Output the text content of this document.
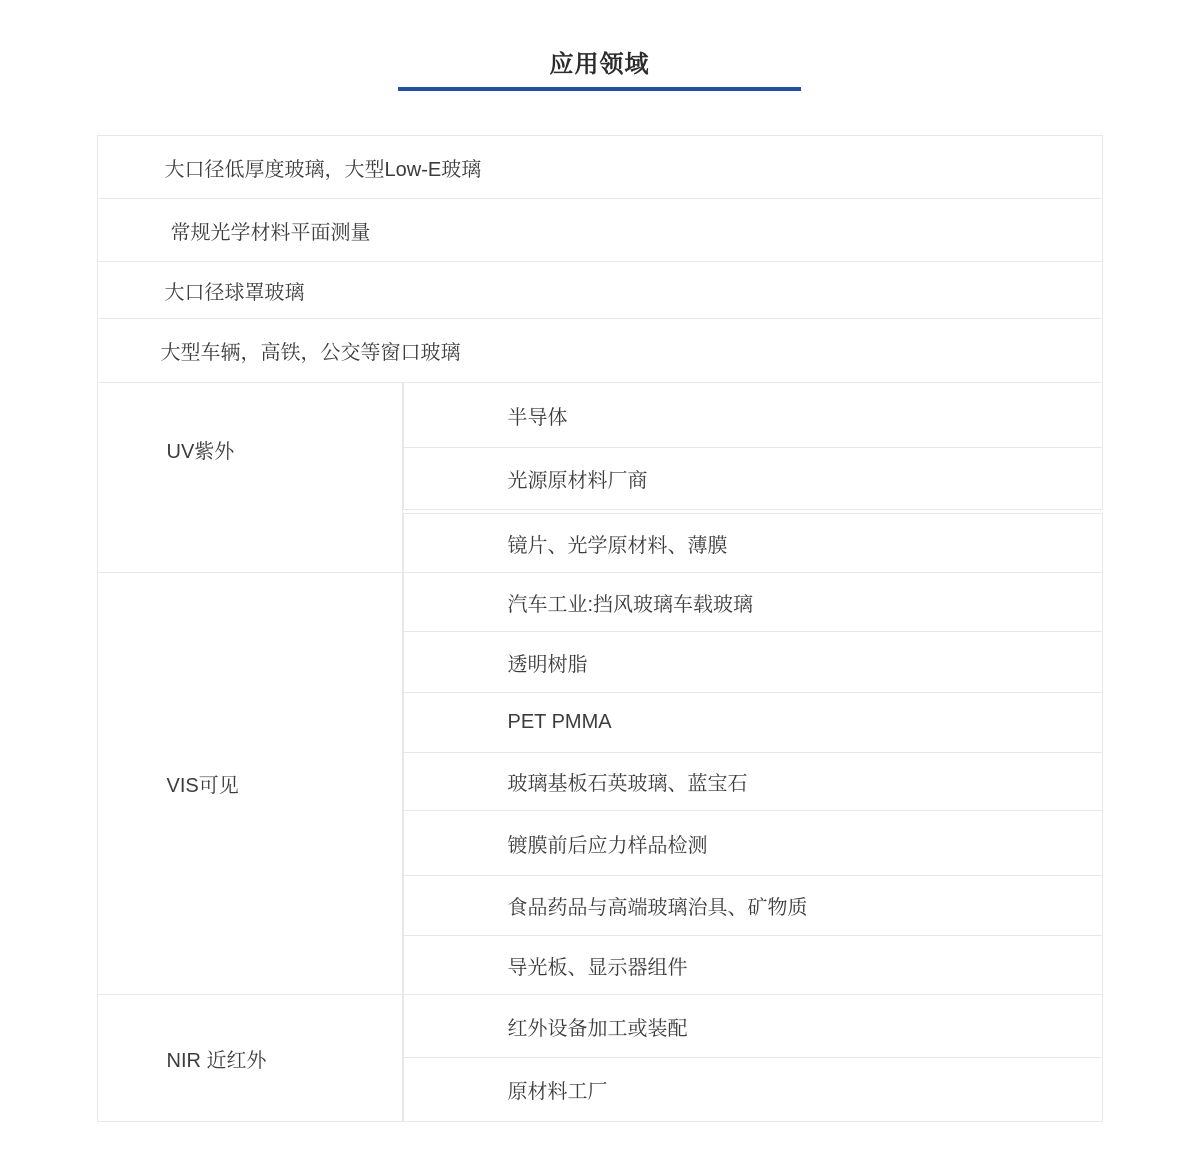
应用领域
大口径低厚度玻璃，大型Low-E玻璃
常规光学材料平面测量
大口径球罩玻璃
大型车辆，高铁，公交等窗口玻璃
UV紫外
半导体
光源原材料厂商
镜片、光学原材料、薄膜
VIS可见
汽车工业:挡风玻璃车载玻璃
透明树脂
PET PMMA
玻璃基板石英玻璃、蓝宝石
镀膜前后应力样品检测
食品药品与高端玻璃治具、矿物质
导光板、显示器组件
NIR 近红外
红外设备加工或装配
原材料工厂
